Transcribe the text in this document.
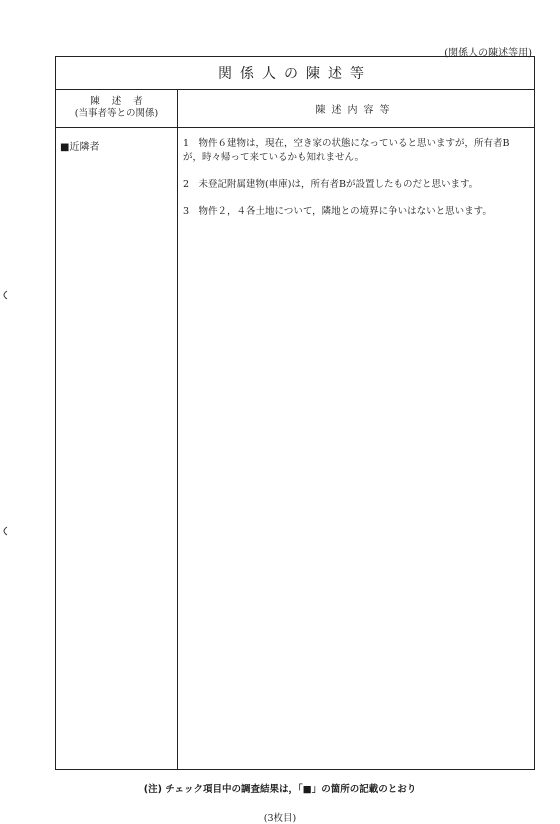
(関係人の陳述等用)
関係人の陳述等
陳述者
(当事者等との関係)	陳述内容等
■近隣者	1　物件６建物は，現在，空き家の状態になっていると思いますが，所有者Bが，時々帰って来ているかも知れません。
2　未登記附属建物(車庫)は，所有者Bが設置したものだと思います。
3　物件２，４各土地について，隣地との境界に争いはないと思います。
(注) チェック項目中の調査結果は，「■」の箇所の記載のとおり
(3枚目)
